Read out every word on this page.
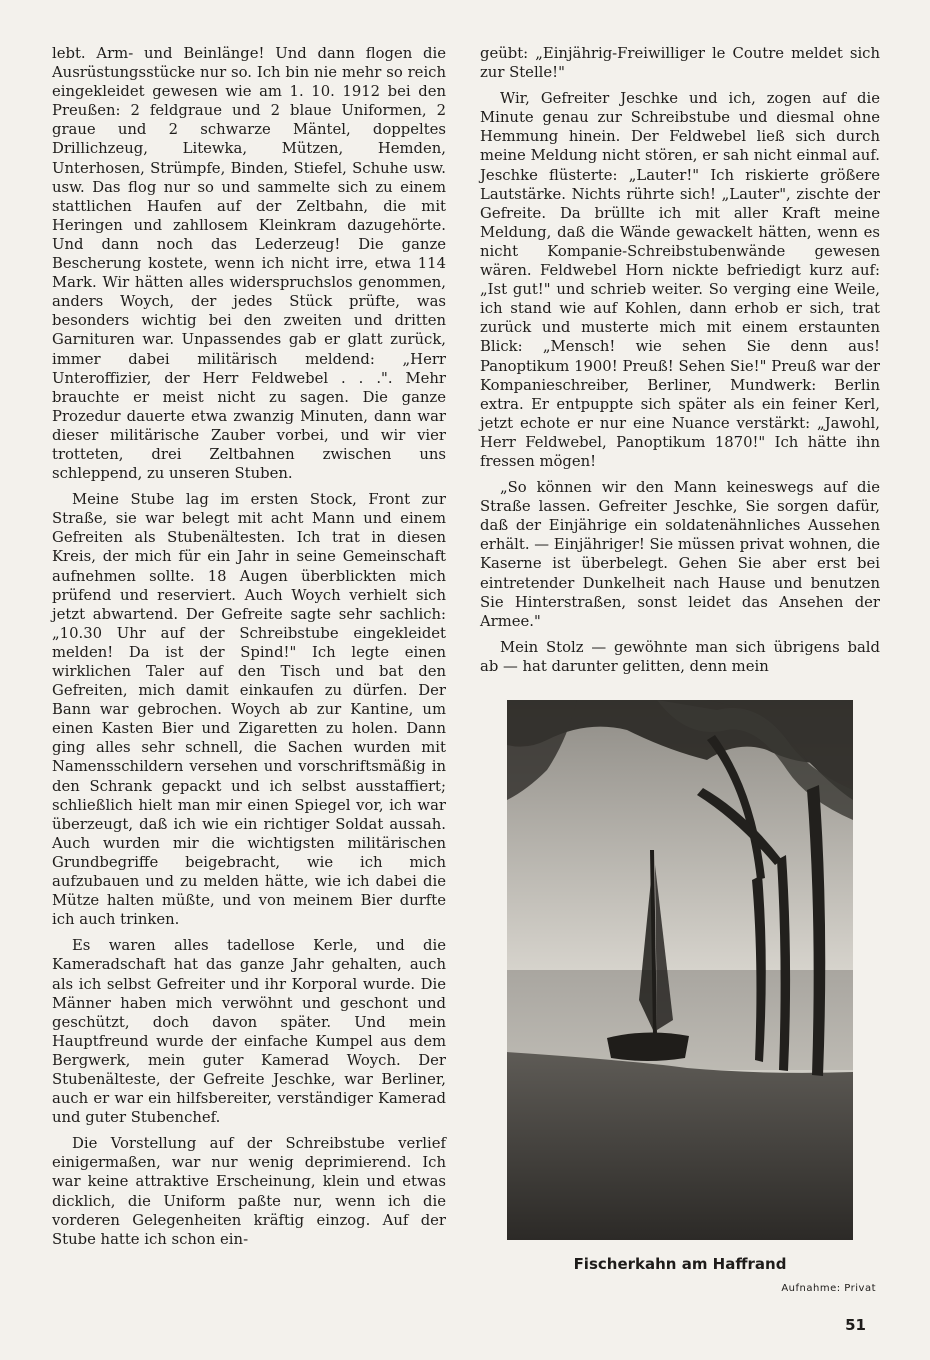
lebt. Arm- und Beinlänge! Und dann flogen die Ausrüstungsstücke nur so. Ich bin nie mehr so reich eingekleidet gewesen wie am 1. 10. 1912 bei den Preußen: 2 feldgraue und 2 blaue Uniformen, 2 graue und 2 schwarze Mäntel, doppeltes Drillichzeug, Litewka, Mützen, Hemden, Unterhosen, Strümpfe, Binden, Stiefel, Schuhe usw. usw. Das flog nur so und sammelte sich zu einem stattlichen Haufen auf der Zeltbahn, die mit Heringen und zahllosem Kleinkram dazugehörte. Und dann noch das Lederzeug! Die ganze Bescherung kostete, wenn ich nicht irre, etwa 114 Mark. Wir hätten alles widerspruchslos genommen, anders Woych, der jedes Stück prüfte, was besonders wichtig bei den zweiten und dritten Garnituren war. Unpassendes gab er glatt zurück, immer dabei militärisch meldend: „Herr Unteroffizier, der Herr Feldwebel . . .". Mehr brauchte er meist nicht zu sagen. Die ganze Prozedur dauerte etwa zwanzig Minuten, dann war dieser militärische Zauber vorbei, und wir vier trotteten, drei Zeltbahnen zwischen uns schleppend, zu unseren Stuben.

Meine Stube lag im ersten Stock, Front zur Straße, sie war belegt mit acht Mann und einem Gefreiten als Stubenältesten. Ich trat in diesen Kreis, der mich für ein Jahr in seine Gemeinschaft aufnehmen sollte. 18 Augen überblickten mich prüfend und reserviert. Auch Woych verhielt sich jetzt abwartend. Der Gefreite sagte sehr sachlich: „10.30 Uhr auf der Schreibstube eingekleidet melden! Da ist der Spind!" Ich legte einen wirklichen Taler auf den Tisch und bat den Gefreiten, mich damit einkaufen zu dürfen. Der Bann war gebrochen. Woych ab zur Kantine, um einen Kasten Bier und Zigaretten zu holen. Dann ging alles sehr schnell, die Sachen wurden mit Namensschildern versehen und vorschriftsmäßig in den Schrank gepackt und ich selbst ausstaffiert; schließlich hielt man mir einen Spiegel vor, ich war überzeugt, daß ich wie ein richtiger Soldat aussah. Auch wurden mir die wichtigsten militärischen Grundbegriffe beigebracht, wie ich mich aufzubauen und zu melden hätte, wie ich dabei die Mütze halten müßte, und von meinem Bier durfte ich auch trinken.

Es waren alles tadellose Kerle, und die Kameradschaft hat das ganze Jahr gehalten, auch als ich selbst Gefreiter und ihr Korporal wurde. Die Männer haben mich verwöhnt und geschont und geschützt, doch davon später. Und mein Hauptfreund wurde der einfache Kumpel aus dem Bergwerk, mein guter Kamerad Woych. Der Stubenälteste, der Gefreite Jeschke, war Berliner, auch er war ein hilfsbereiter, verständiger Kamerad und guter Stubenchef.

Die Vorstellung auf der Schreibstube verlief einigermaßen, war nur wenig deprimierend. Ich war keine attraktive Erscheinung, klein und etwas dicklich, die Uniform paßte nur, wenn ich die vorderen Gelegenheiten kräftig einzog. Auf der Stube hatte ich schon ein-

geübt: „Einjährig-Freiwilliger le Coutre meldet sich zur Stelle!"

Wir, Gefreiter Jeschke und ich, zogen auf die Minute genau zur Schreibstube und diesmal ohne Hemmung hinein. Der Feldwebel ließ sich durch meine Meldung nicht stören, er sah nicht einmal auf. Jeschke flüsterte: „Lauter!" Ich riskierte größere Lautstärke. Nichts rührte sich! „Lauter", zischte der Gefreite. Da brüllte ich mit aller Kraft meine Meldung, daß die Wände gewackelt hätten, wenn es nicht Kompanie-Schreibstubenwände gewesen wären. Feldwebel Horn nickte befriedigt kurz auf: „Ist gut!" und schrieb weiter. So verging eine Weile, ich stand wie auf Kohlen, dann erhob er sich, trat zurück und musterte mich mit einem erstaunten Blick: „Mensch! wie sehen Sie denn aus! Panoptikum 1900! Preuß! Sehen Sie!" Preuß war der Kompanieschreiber, Berliner, Mundwerk: Berlin extra. Er entpuppte sich später als ein feiner Kerl, jetzt echote er nur eine Nuance verstärkt: „Jawohl, Herr Feldwebel, Panoptikum 1870!" Ich hätte ihn fressen mögen!

„So können wir den Mann keineswegs auf die Straße lassen. Gefreiter Jeschke, Sie sorgen dafür, daß der Einjährige ein soldatenähnliches Aussehen erhält. — Einjähriger! Sie müssen privat wohnen, die Kaserne ist überbelegt. Gehen Sie aber erst bei eintretender Dunkelheit nach Hause und benutzen Sie Hinterstraßen, sonst leidet das Ansehen der Armee."

Mein Stolz — gewöhnte man sich übrigens bald ab — hat darunter gelitten, denn mein

Fischerkahn am Haffrand
Aufnahme: Privat
51
